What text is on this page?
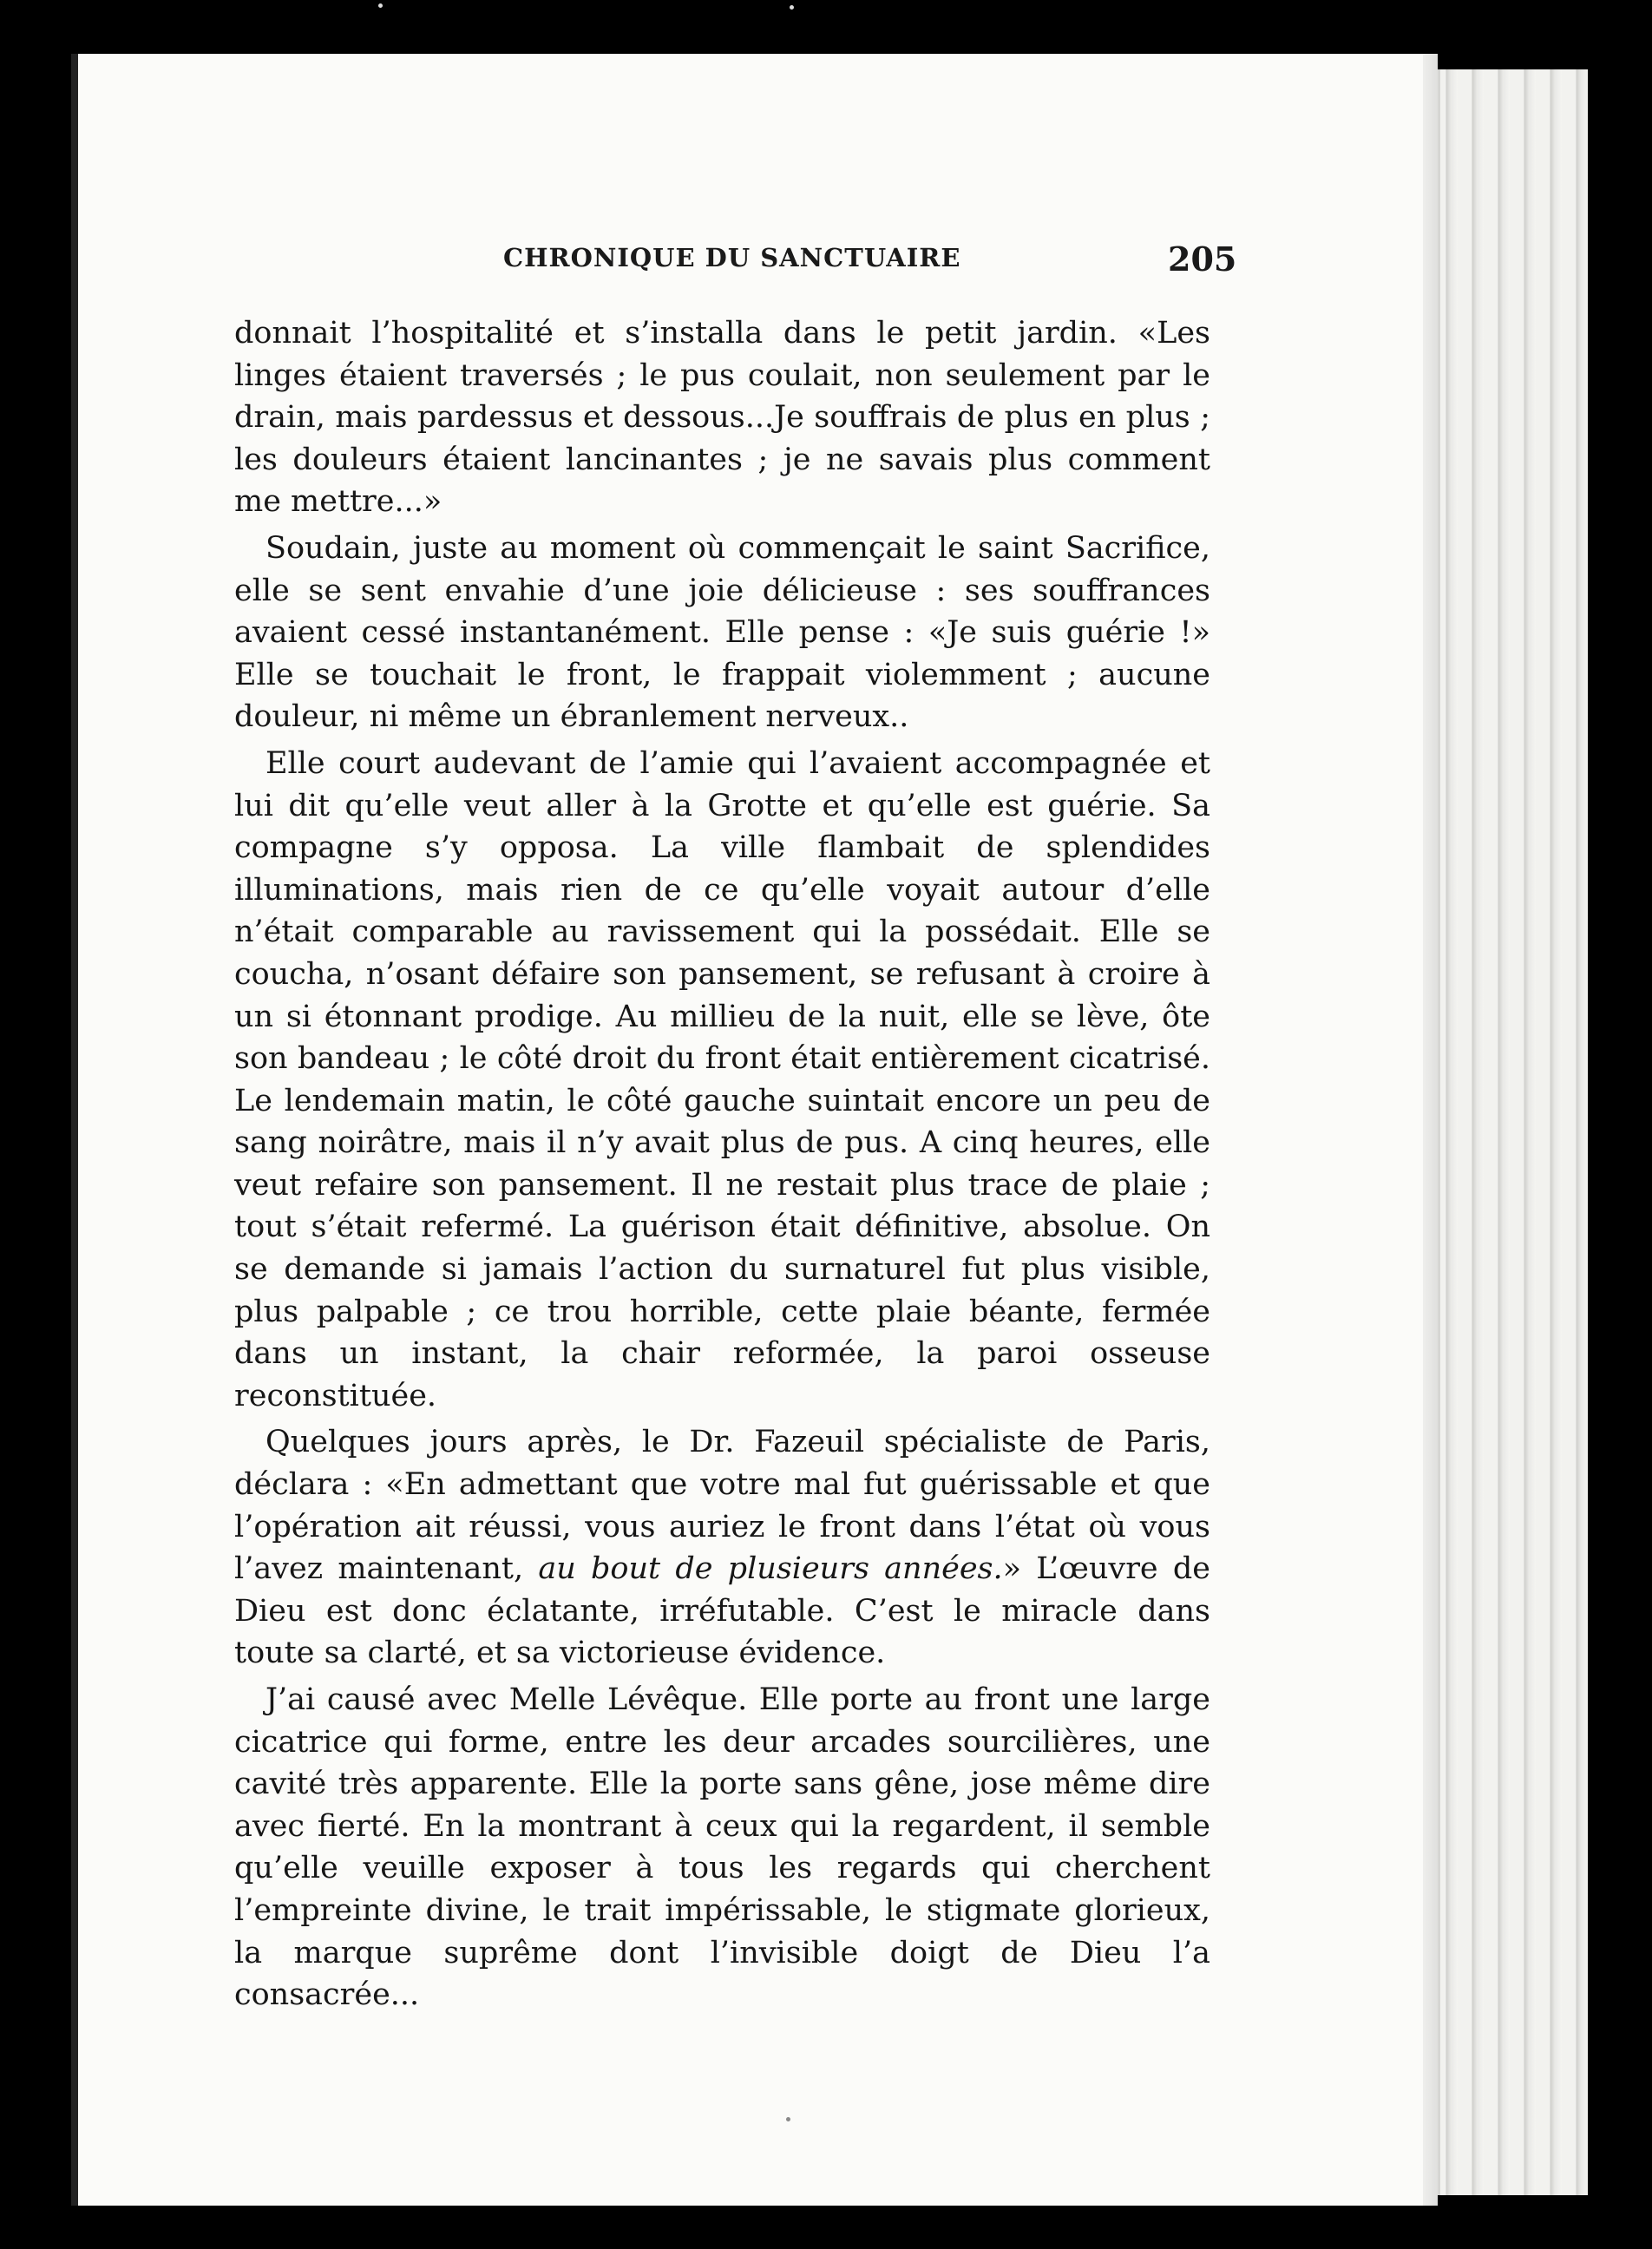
CHRONIQUE DU SANCTUAIRE	205

donnait l’hospitalité et s’installa dans le petit jardin. «Les linges étaient traversés ; le pus coulait, non seulement par le drain, mais pardessus et dessous...Je souffrais de plus en plus ; les douleurs étaient lancinantes ; je ne savais plus comment me mettre...»

Soudain, juste au moment où commençait le saint Sacrifice, elle se sent envahie d’une joie délicieuse : ses souffrances avaient cessé instantanément. Elle pense : «Je suis guérie !» Elle se touchait le front, le frappait violemment ; aucune douleur, ni même un ébranlement nerveux..

Elle court audevant de l’amie qui l’avaient accompagnée et lui dit qu’elle veut aller à la Grotte et qu’elle est guérie. Sa compagne s’y opposa. La ville flambait de splendides illuminations, mais rien de ce qu’elle voyait autour d’elle n’était comparable au ravissement qui la possédait. Elle se coucha, n’osant défaire son pansement, se refusant à croire à un si étonnant prodige. Au millieu de la nuit, elle se lève, ôte son bandeau ; le côté droit du front était entièrement cicatrisé. Le lendemain matin, le côté gauche suintait encore un peu de sang noirâtre, mais il n’y avait plus de pus. A cinq heures, elle veut refaire son pansement. Il ne restait plus trace de plaie ; tout s’était refermé. La guérison était définitive, absolue. On se demande si jamais l’action du surnaturel fut plus visible, plus palpable ; ce trou horrible, cette plaie béante, fermée dans un instant, la chair reformée, la paroi osseuse reconstituée.

Quelques jours après, le Dr. Fazeuil spécialiste de Paris, déclara : «En admettant que votre mal fut guérissable et que l’opération ait réussi, vous auriez le front dans l’état où vous l’avez maintenant, au bout de plusieurs années.» L’œuvre de Dieu est donc éclatante, irréfutable. C’est le miracle dans toute sa clarté, et sa victorieuse évidence.

J’ai causé avec Melle Lévêque. Elle porte au front une large cicatrice qui forme, entre les deur arcades sourcilières, une cavité très apparente. Elle la porte sans gêne, jose même dire avec fierté. En la montrant à ceux qui la regardent, il semble qu’elle veuille exposer à tous les regards qui cherchent l’empreinte divine, le trait impérissable, le stigmate glorieux, la marque suprême dont l’invisible doigt de Dieu l’a consacrée...
